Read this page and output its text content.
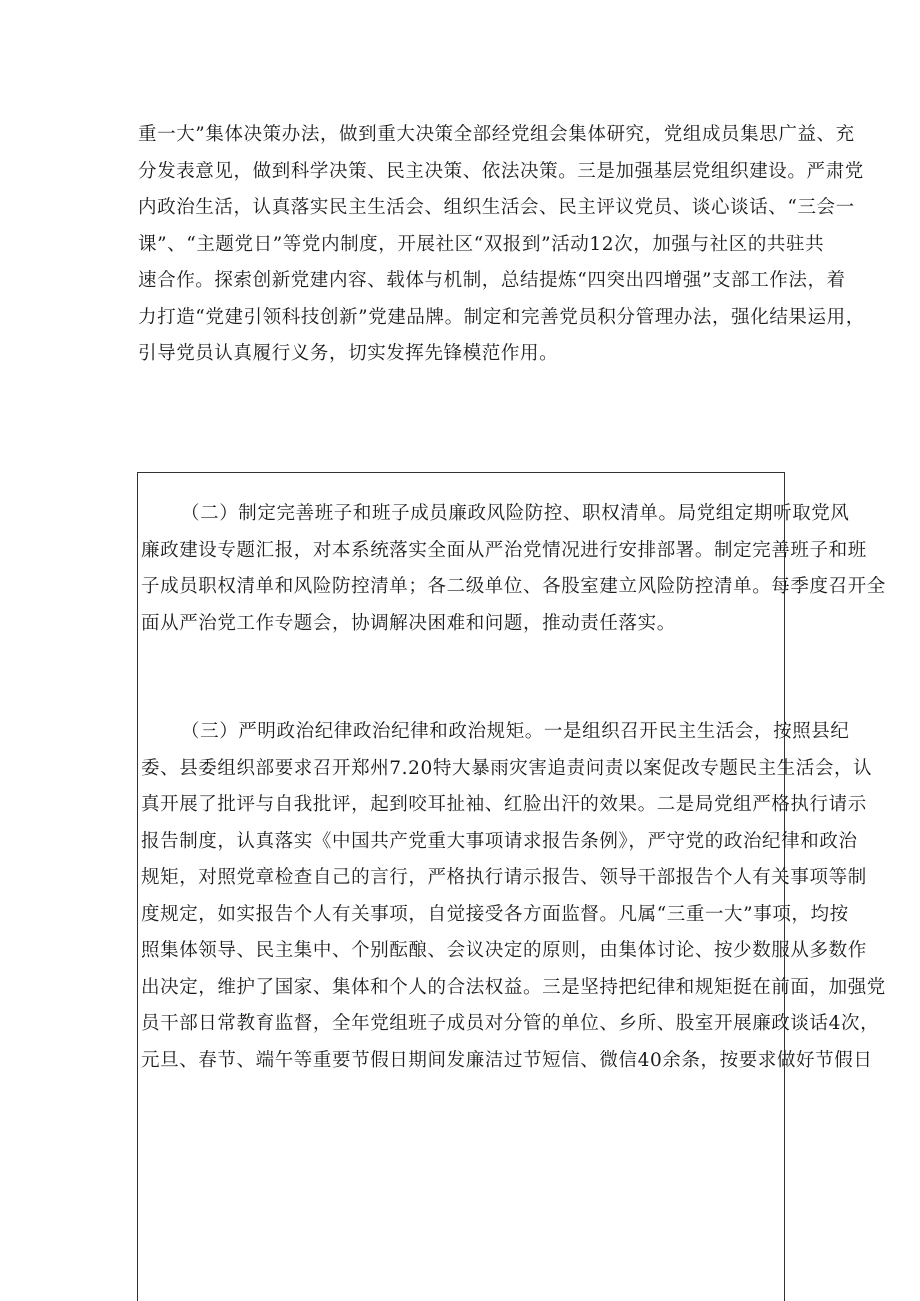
重一大”集体决策办法，做到重大决策全部经党组会集体研究，党组成员集思广益、充
分发表意见，做到科学决策、民主决策、依法决策。三是加强基层党组织建设。严肃党
内政治生活，认真落实民主生活会、组织生活会、民主评议党员、谈心谈话、“三会一
课”、“主题党日”等党内制度，开展社区“双报到”活动12次，加强与社区的共驻共
速合作。探索创新党建内容、载体与机制，总结提炼“四突出四增强”支部工作法，着
力打造“党建引领科技创新”党建品牌。制定和完善党员积分管理办法，强化结果运用，
引导党员认真履行义务，切实发挥先锋模范作用。
（二）制定完善班子和班子成员廉政风险防控、职权清单。局党组定期听取党风
廉政建设专题汇报，对本系统落实全面从严治党情况进行安排部署。制定完善班子和班
子成员职权清单和风险防控清单；各二级单位、各股室建立风险防控清单。每季度召开全
面从严治党工作专题会，协调解决困难和问题，推动责任落实。
（三）严明政治纪律政治纪律和政治规矩。一是组织召开民主生活会，按照县纪
委、县委组织部要求召开郑州7.20特大暴雨灾害追责问责以案促改专题民主生活会，认
真开展了批评与自我批评，起到咬耳扯袖、红脸出汗的效果。二是局党组严格执行请示
报告制度，认真落实《中国共产党重大事项请求报告条例》，严守党的政治纪律和政治
规矩，对照党章检查自己的言行，严格执行请示报告、领导干部报告个人有关事项等制
度规定，如实报告个人有关事项，自觉接受各方面监督。凡属“三重一大”事项，均按
照集体领导、民主集中、个别酝酿、会议决定的原则，由集体讨论、按少数服从多数作
出决定，维护了国家、集体和个人的合法权益。三是坚持把纪律和规矩挺在前面，加强党
员干部日常教育监督，全年党组班子成员对分管的单位、乡所、股室开展廉政谈话4次，
元旦、春节、端午等重要节假日期间发廉洁过节短信、微信40余条，按要求做好节假日
